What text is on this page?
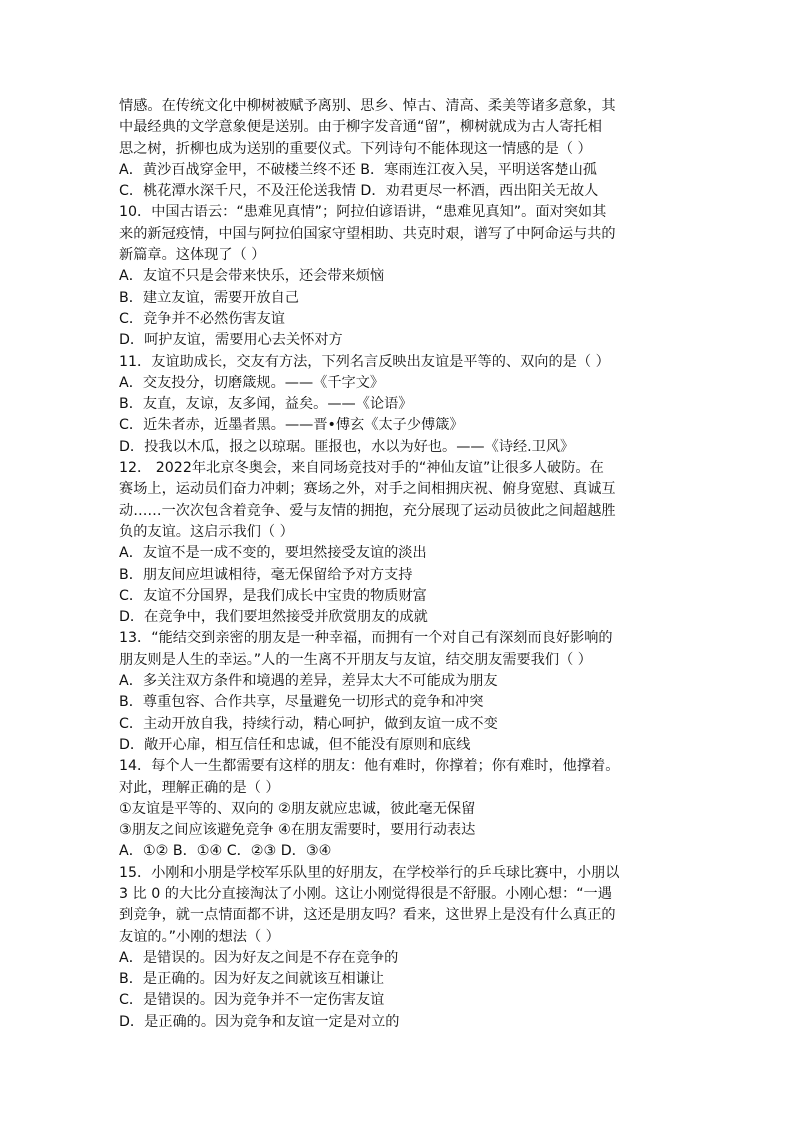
情感。在传统文化中柳树被赋予离别、思乡、悼古、清高、柔美等诸多意象，其
中最经典的文学意象便是送别。由于柳字发音通“留”，柳树就成为古人寄托相
思之树，折柳也成为送别的重要仪式。下列诗句不能体现这一情感的是（ ）
A．黄沙百战穿金甲，不破楼兰终不还 B．寒雨连江夜入吴，平明送客楚山孤
C．桃花潭水深千尺，不及汪伦送我情 D．劝君更尽一杯酒，西出阳关无故人
10．中国古语云：“患难见真情”；阿拉伯谚语讲，“患难见真知”。面对突如其
来的新冠疫情，中国与阿拉伯国家守望相助、共克时艰，谱写了中阿命运与共的
新篇章。这体现了（ ）
A．友谊不只是会带来快乐，还会带来烦恼
B．建立友谊，需要开放自己
C．竞争并不必然伤害友谊
D．呵护友谊，需要用心去关怀对方
11．友谊助成长，交友有方法，下列名言反映出友谊是平等的、双向的是（ ）
A．交友投分，切磨箴规。——《千字文》
B．友直，友谅，友多闻，益矣。——《论语》
C．近朱者赤，近墨者黑。——晋•傅玄《太子少傅箴》
D．投我以木瓜，报之以琼琚。匪报也，水以为好也。——《诗经.卫风》
12． 2022年北京冬奥会，来自同场竞技对手的“神仙友谊”让很多人破防。在
赛场上，运动员们奋力冲刺；赛场之外，对手之间相拥庆祝、俯身宽慰、真诚互
动……一次次包含着竞争、爱与友情的拥抱，充分展现了运动员彼此之间超越胜
负的友谊。这启示我们（ ）
A．友谊不是一成不变的，要坦然接受友谊的淡出
B．朋友间应坦诚相待，毫无保留给予对方支持
C．友谊不分国界，是我们成长中宝贵的物质财富
D．在竞争中，我们要坦然接受并欣赏朋友的成就
13．“能结交到亲密的朋友是一种幸福，而拥有一个对自己有深刻而良好影响的
朋友则是人生的幸运。”人的一生离不开朋友与友谊，结交朋友需要我们（ ）
A．多关注双方条件和境遇的差异，差异太大不可能成为朋友
B．尊重包容、合作共享，尽量避免一切形式的竞争和冲突
C．主动开放自我，持续行动，精心呵护，做到友谊一成不变
D．敞开心扉，相互信任和忠诚，但不能没有原则和底线
14．每个人一生都需要有这样的朋友：他有难时，你撑着；你有难时，他撑着。
对此，理解正确的是（ ）
①友谊是平等的、双向的 ②朋友就应忠诚，彼此毫无保留
③朋友之间应该避免竞争 ④在朋友需要时，要用行动表达
A．①② B．①④ C．②③ D．③④
15．小刚和小朋是学校军乐队里的好朋友，在学校举行的乒乓球比赛中，小朋以
3 比 0 的大比分直接淘汰了小刚。这让小刚觉得很是不舒服。小刚心想：“一遇
到竞争，就一点情面都不讲，这还是朋友吗？看来，这世界上是没有什么真正的
友谊的。”小刚的想法（ ）
A．是错误的。因为好友之间是不存在竞争的
B．是正确的。因为好友之间就该互相谦让
C．是错误的。因为竞争并不一定伤害友谊
D．是正确的。因为竞争和友谊一定是对立的
